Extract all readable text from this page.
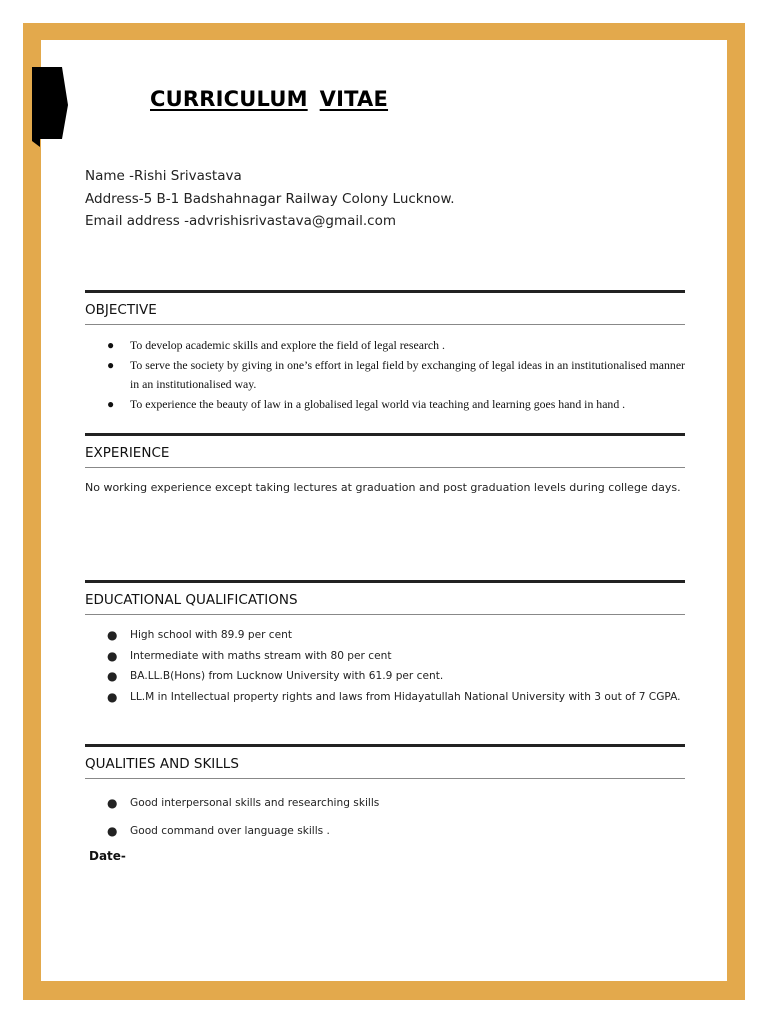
CURRICULUM VITAE
Name -Rishi Srivastava
Address-5 B-1 Badshahnagar Railway Colony Lucknow.
Email address -advrishisrivastava@gmail.com
OBJECTIVE
● To develop academic skills and explore the field of legal research .
● To serve the society by giving in one’s effort in legal field by exchanging of legal ideas in an institutionalised manner in an institutionalised way.
● To experience the beauty of law in a globalised legal world via teaching and learning goes hand in hand .
EXPERIENCE
No working experience except taking lectures at graduation and post graduation levels during college days.
EDUCATIONAL QUALIFICATIONS
● High school with 89.9 per cent
● Intermediate with maths stream with 80 per cent
● BA.LL.B(Hons) from Lucknow University with 61.9 per cent.
● LL.M in Intellectual property rights and laws from Hidayatullah National University with 3 out of 7 CGPA.
QUALITIES AND SKILLS
● Good interpersonal skills and researching skills
● Good command over language skills .
Date-
